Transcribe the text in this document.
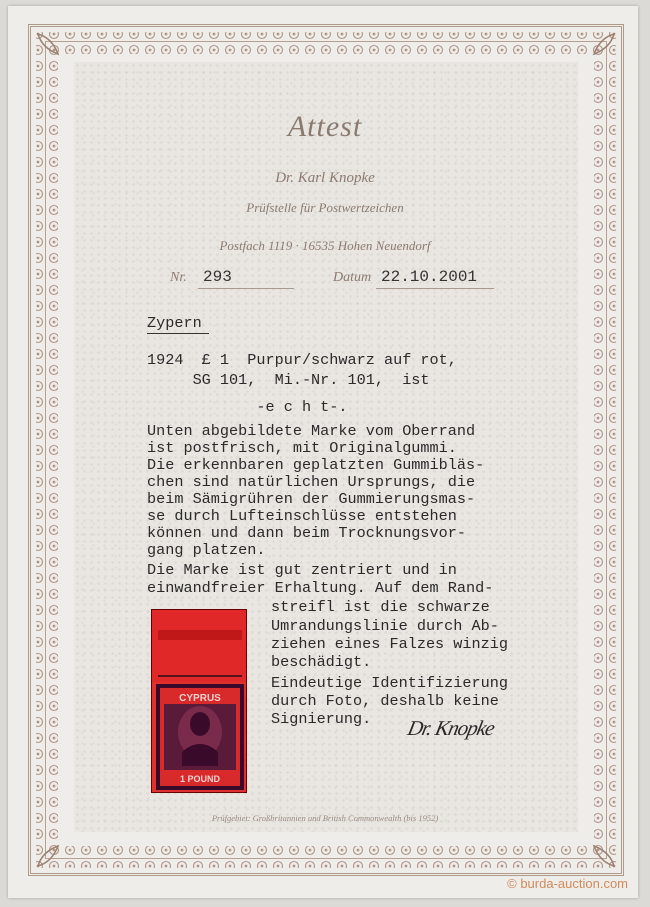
Attest
Dr. Karl Knopke
Prüfstelle für Postwertzeichen
Postfach 1119 · 16535 Hohen Neuendorf
Nr. 293	Datum 22.10.2001
Zypern
1924  £ 1  Purpur/schwarz auf rot,
SG 101,  Mi.-Nr. 101,  ist
-e c h t-.
Unten abgebildete Marke vom Oberrand
ist postfrisch, mit Originalgummi.
Die erkennbaren geplatzten Gummibläs-
chen sind natürlichen Ursprungs, die
beim Sämigrühren der Gummierungsmas-
se durch Lufteinschlüsse entstehen
können und dann beim Trocknungsvor-
gang platzen.
Die Marke ist gut zentriert und in
einwandfreier Erhaltung. Auf dem Rand-
streifl ist die schwarze
Umrandungslinie durch Ab-
ziehen eines Falzes winzig
beschädigt.
Eindeutige Identifizierung
durch Foto, deshalb keine
Signierung.
CYPRUS
1 POUND
Dr. Knopke
Prüfgebiet: Großbritannien und British Commonwealth (bis 1952)
© burda-auction.com
